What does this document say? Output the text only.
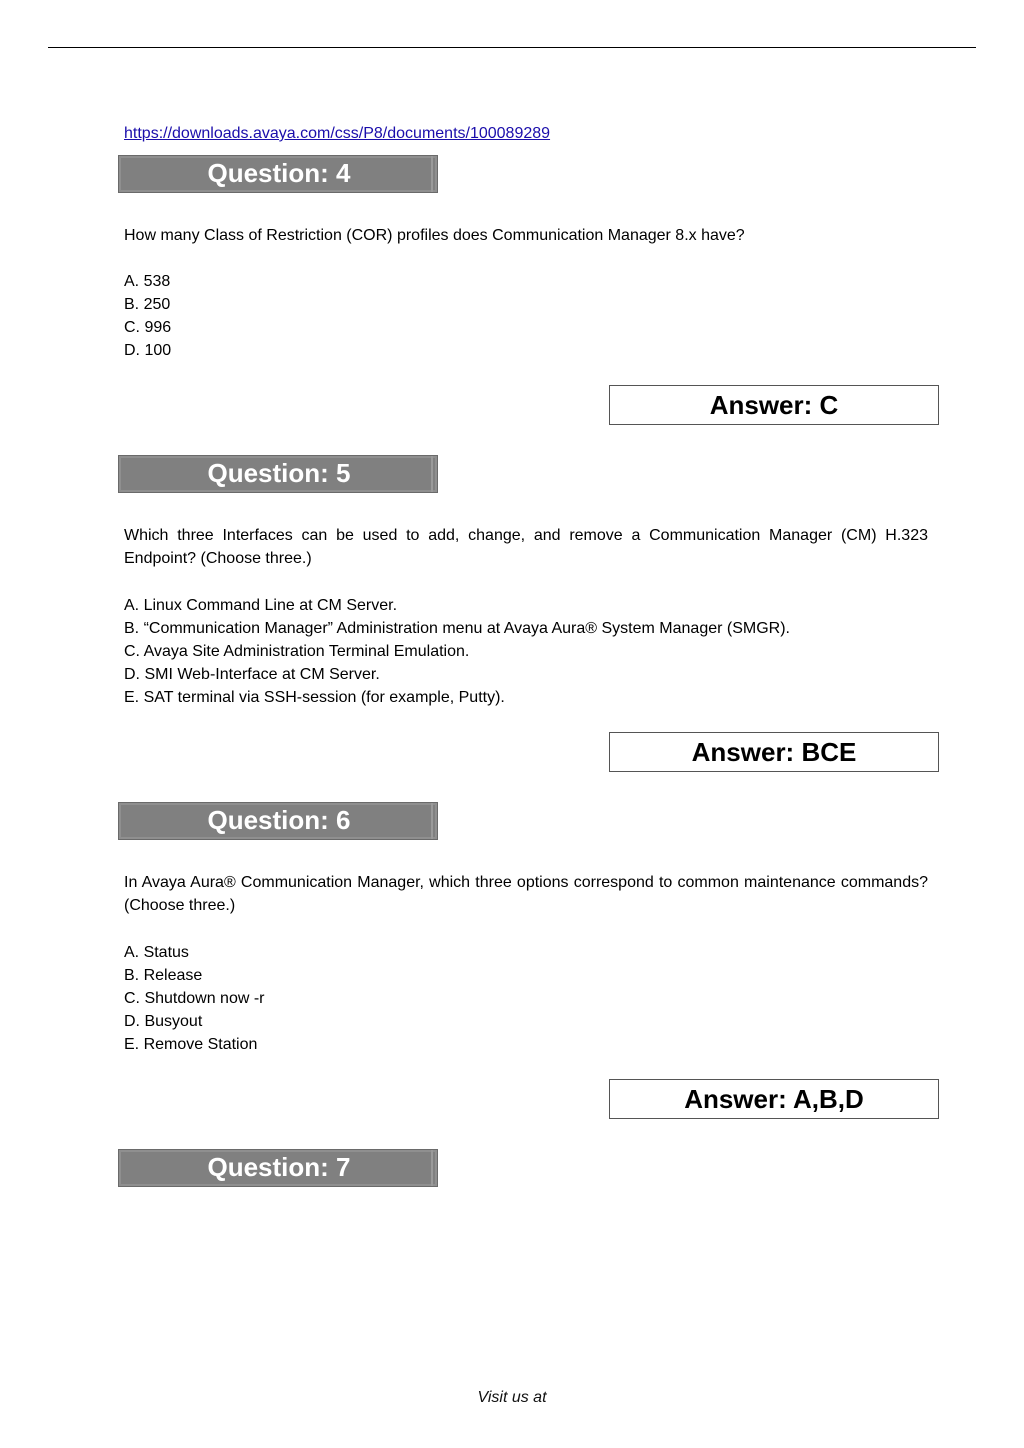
https://downloads.avaya.com/css/P8/documents/100089289
Question: 4
How many Class of Restriction (COR) profiles does Communication Manager 8.x have?
A. 538
B. 250
C. 996
D. 100
Answer: C
Question: 5
Which three Interfaces can be used to add, change, and remove a Communication Manager (CM) H.323 Endpoint? (Choose three.)
A. Linux Command Line at CM Server.
B. “Communication Manager” Administration menu at Avaya Aura® System Manager (SMGR).
C. Avaya Site Administration Terminal Emulation.
D. SMI Web-Interface at CM Server.
E. SAT terminal via SSH-session (for example, Putty).
Answer: BCE
Question: 6
In Avaya Aura® Communication Manager, which three options correspond to common maintenance commands? (Choose three.)
A. Status
B. Release
C. Shutdown now -r
D. Busyout
E. Remove Station
Answer: A,B,D
Question: 7
Visit us at
